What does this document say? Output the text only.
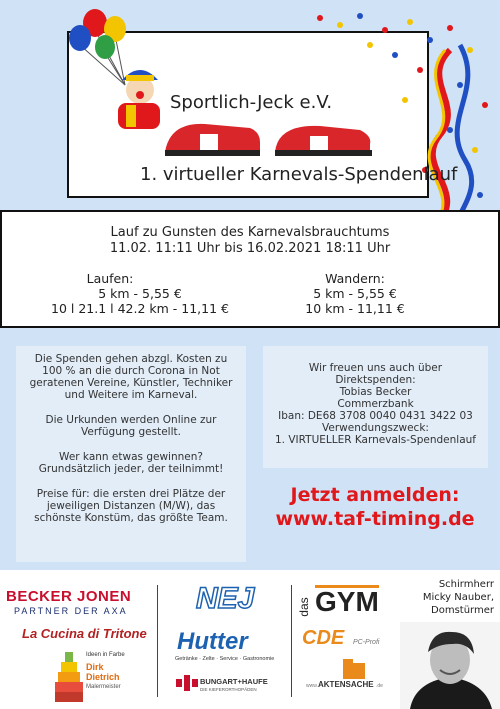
Sportlich-Jeck e.V.
1. virtueller Karnevals-Spendenlauf
Lauf zu Gunsten des Karnevalsbrauchtums
11.02. 11:11 Uhr bis 16.02.2021 18:11 Uhr
Laufen:
5 km - 5,55 €
10 l 21.1 l 42.2 km - 11,11 €
Wandern:
5 km - 5,55 €
10 km - 11,11 €
Die Spenden gehen abzgl. Kosten zu
100 % an die durch Corona in Not
geratenen Vereine, Künstler, Techniker
und Weitere im Karneval.
Die Urkunden werden Online zur
Verfügung gestellt.
Wer kann etwas gewinnen?
Grundsätzlich jeder, der teilnimmt!
Preise für: die ersten drei Plätze der
jeweiligen Distanzen (M/W), das
schönste Konstüm, das größte Team.
Wir freuen uns auch über
Direktspenden:
Tobias Becker
Commerzbank
Iban: DE68 3708 0040 0431 3422 03
Verwendungszweck:
1. VIRTUELLER Karnevals-Spendenlauf
Jetzt anmelden:
www.taf-timing.de
BECKER JONEN
PARTNER DER AXA
La Cucina di Tritone
Ideen in Farbe
Dirk Dietrich
Malermeister
NEJ
Hutter
Getränke · Zelte · Service · Gastronomie
BUNGART+HAUFE
DIE KIEFERORTHOPÄDEN
das GYM
CDE PC-Profi
www. AKTENSACHE .de
Schirmherr
Micky Nauber,
Domstürmer
